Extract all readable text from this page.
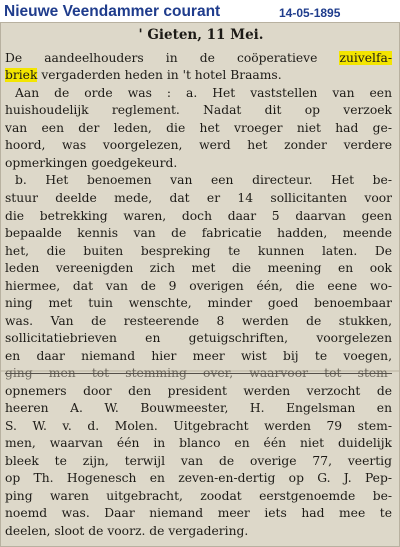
Nieuwe Veendammer courant	14-05-1895
' Gieten, 11 Mei.
De aandeelhouders in de coöperatieve zuivelfa-
briek vergaderden heden in 't hotel Braams.
Aan de orde was : a. Het vaststellen van een
huishoudelijk reglement. Nadat dit op verzoek
van een der leden, die het vroeger niet had ge-
hoord, was voorgelezen, werd het zonder verdere
opmerkingen goedgekeurd.
b. Het benoemen van een directeur. Het be-
stuur deelde mede, dat er 14 sollicitanten voor
die betrekking waren, doch daar 5 daarvan geen
bepaalde kennis van de fabricatie hadden, meende
het, die buiten bespreking te kunnen laten. De
leden vereenigden zich met die meening en ook
hiermee, dat van de 9 overigen één, die eene wo-
ning met tuin wenschte, minder goed benoembaar
was. Van de resteerende 8 werden de stukken,
sollicitatiebrieven en getuigschriften, voorgelezen
en daar niemand hier meer wist bij te voegen,
ging men tot stemming over, waarvoor tot stem-
opnemers door den president werden verzocht de
heeren A. W. Bouwmeester, H. Engelsman en
S. W. v. d. Molen. Uitgebracht werden 79 stem-
men, waarvan één in blanco en één niet duidelijk
bleek te zijn, terwijl van de overige 77, veertig
op Th. Hogenesch en zeven-en-dertig op G. J. Pep-
ping waren uitgebracht, zoodat eerstgenoemde be-
noemd was. Daar niemand meer iets had mee te
deelen, sloot de voorz. de vergadering.
